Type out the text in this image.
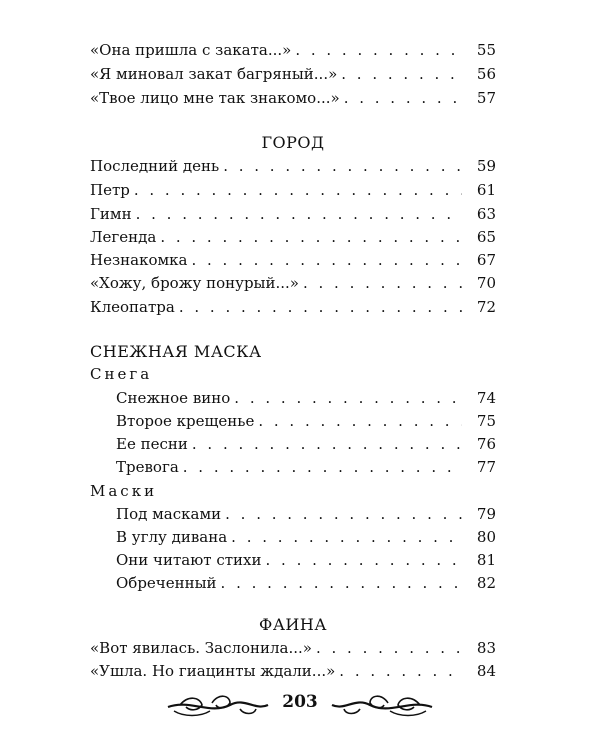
«Она пришла с заката...» . . .	55
«Я миновал закат багряный...» . . .	56
«Твое лицо мне так знакомо...» . . .	57
ГОРОД
Последний день . . .	59
Петр . . .	61
Гимн . . .	63
Легенда . . .	65
Незнакомка . . .	67
«Хожу, брожу понурый...» . . .	70
Клеопатра . . .	72
СНЕЖНАЯ МАСКА
Снега
Снежное вино . . .	74
Второе крещенье . . .	75
Ее песни . . .	76
Тревога . . .	77
Маски
Под масками . . .	79
В углу дивана . . .	80
Они читают стихи . . .	81
Обреченный . . .	82
ФАИНА
«Вот явилась. Заслонила...» . . .	83
«Ушла. Но гиацинты ждали...» . . .	84
203
